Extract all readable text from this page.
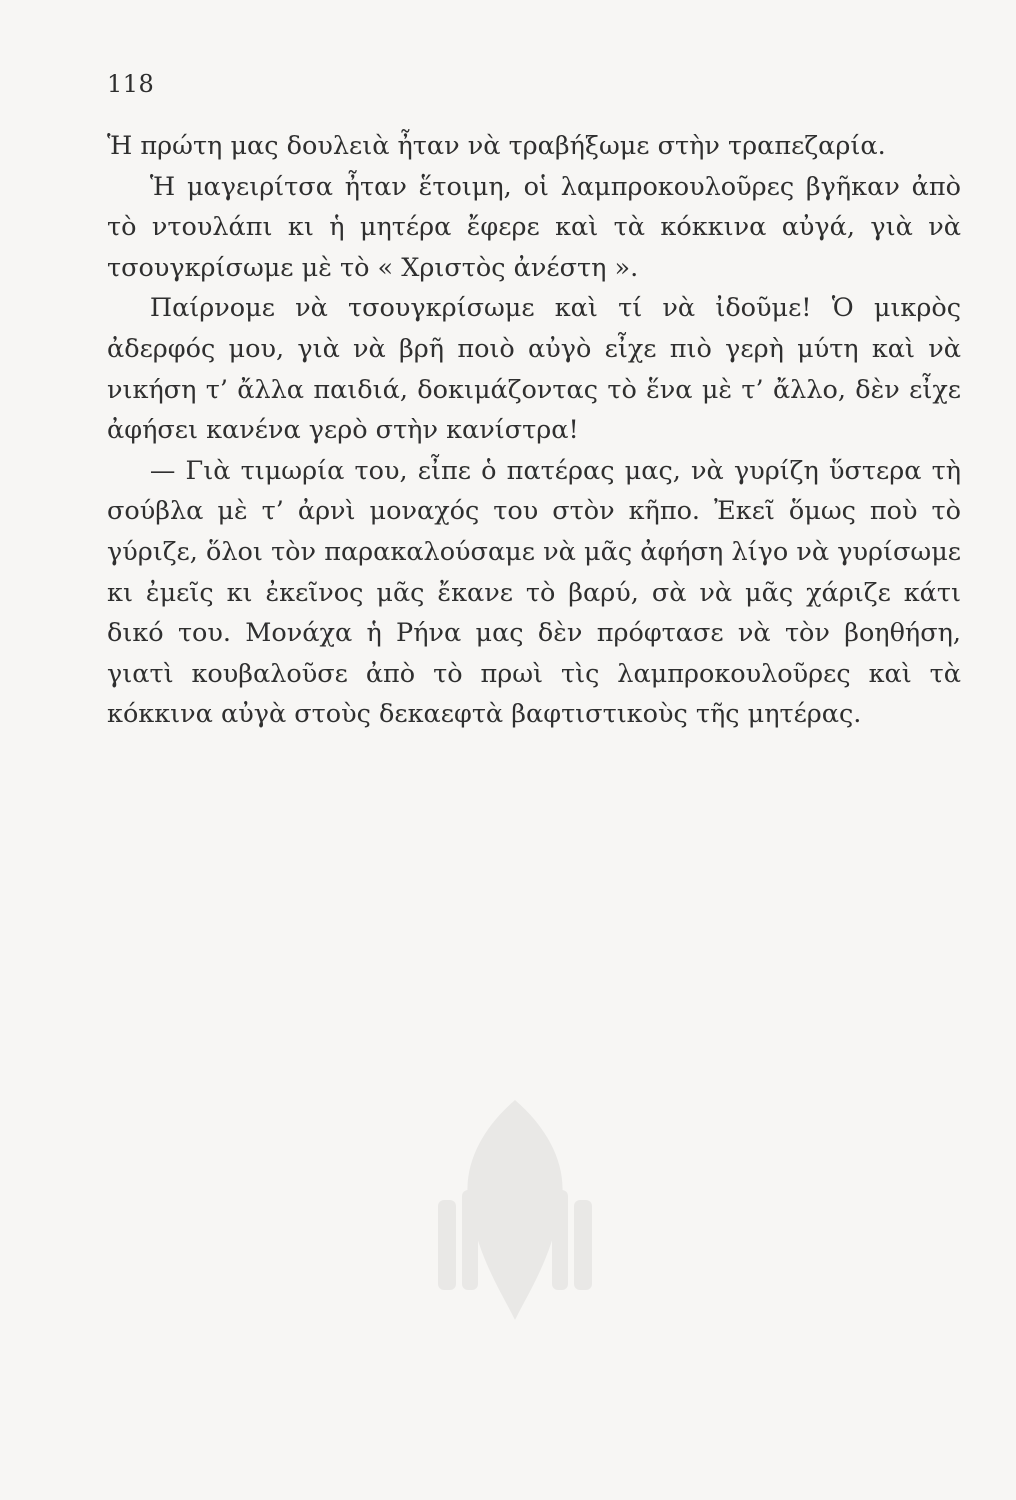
118

Ἡ πρώτη μας δουλειὰ ἦταν νὰ τραβήξωμε στὴν τραπεζαρία.

Ἡ μαγειρίτσα ἦταν ἕτοιμη, οἱ λαμπροκουλοῦρες βγῆκαν ἀπὸ τὸ ντουλάπι κι ἡ μητέρα ἔφερε καὶ τὰ κόκκινα αὐγά, γιὰ νὰ τσουγκρίσωμε μὲ τὸ « Χριστὸς ἀνέστη ».

Παίρνομε νὰ τσουγκρίσωμε καὶ τί νὰ ἰδοῦμε! Ὁ μικρὸς ἀδερφός μου, γιὰ νὰ βρῆ ποιὸ αὐγὸ εἶχε πιὸ γερὴ μύτη καὶ νὰ νικήση τ’ ἄλλα παιδιά, δοκιμάζοντας τὸ ἕνα μὲ τ’ ἄλλο, δὲν εἶχε ἀφήσει κανένα γερὸ στὴν κανίστρα!

— Γιὰ τιμωρία του, εἶπε ὁ πατέρας μας, νὰ γυρίζη ὕστερα τὴ σούβλα μὲ τ’ ἀρνὶ μοναχός του στὸν κῆπο. Ἐκεῖ ὅμως ποὺ τὸ γύριζε, ὅλοι τὸν παρακαλούσαμε νὰ μᾶς ἀφήση λίγο νὰ γυρίσωμε κι ἐμεῖς κι ἐκεῖνος μᾶς ἔκανε τὸ βαρύ, σὰ νὰ μᾶς χάριζε κάτι δικό του. Μονάχα ἡ Ρήνα μας δὲν πρόφτασε νὰ τὸν βοηθήση, γιατὶ κουβαλοῦσε ἀπὸ τὸ πρωὶ τὶς λαμπροκουλοῦρες καὶ τὰ κόκκινα αὐγὰ στοὺς δεκαεφτὰ βαφτιστικοὺς τῆς μητέρας.
